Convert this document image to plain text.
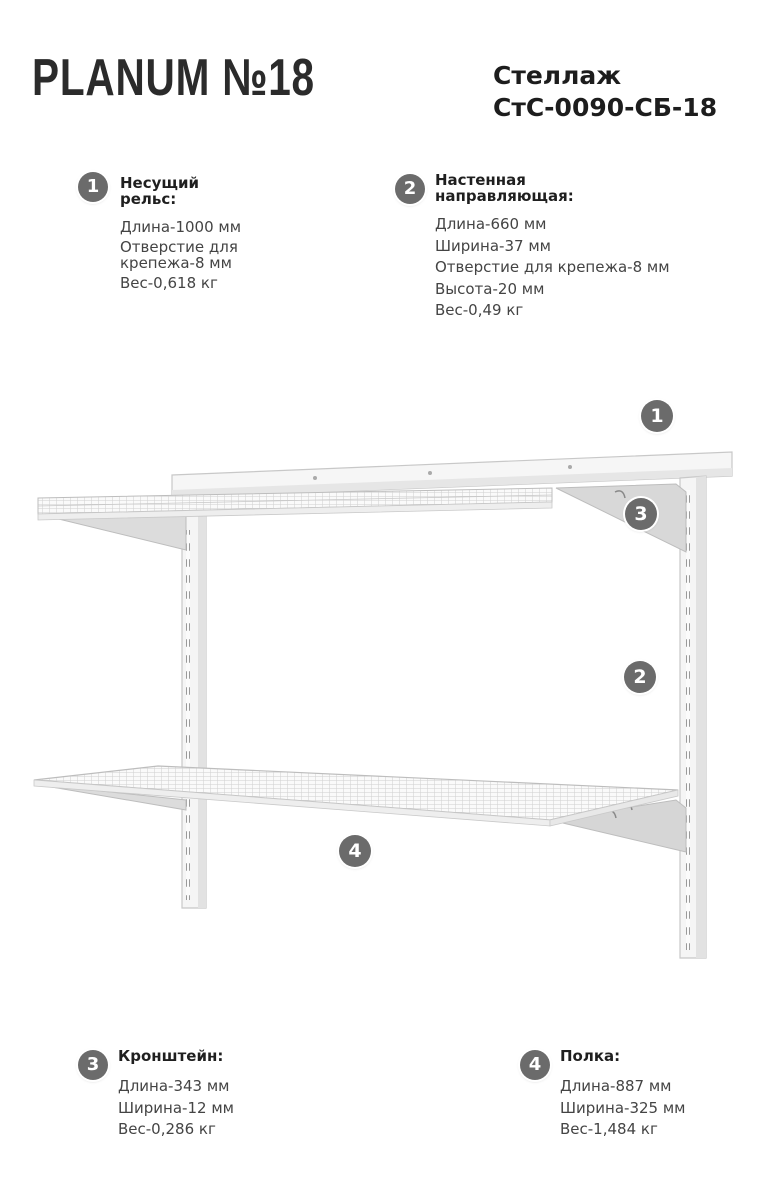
PLANUM №18	Стеллаж
СтС-0090-СБ-18
1	Несущий
рельс:
Длина-1000 мм
Отверстие для
крепежа-8 мм
Вес-0,618 кг
2	Настенная
направляющая:
Длина-660 мм
Ширина-37 мм
Отверстие для крепежа-8 мм
Высота-20 мм
Вес-0,49 кг
3	Кронштейн:
Длина-343 мм
Ширина-12 мм
Вес-0,286 кг
4	Полка:
Длина-887 мм
Ширина-325 мм
Вес-1,484 кг
1
3
2
4
